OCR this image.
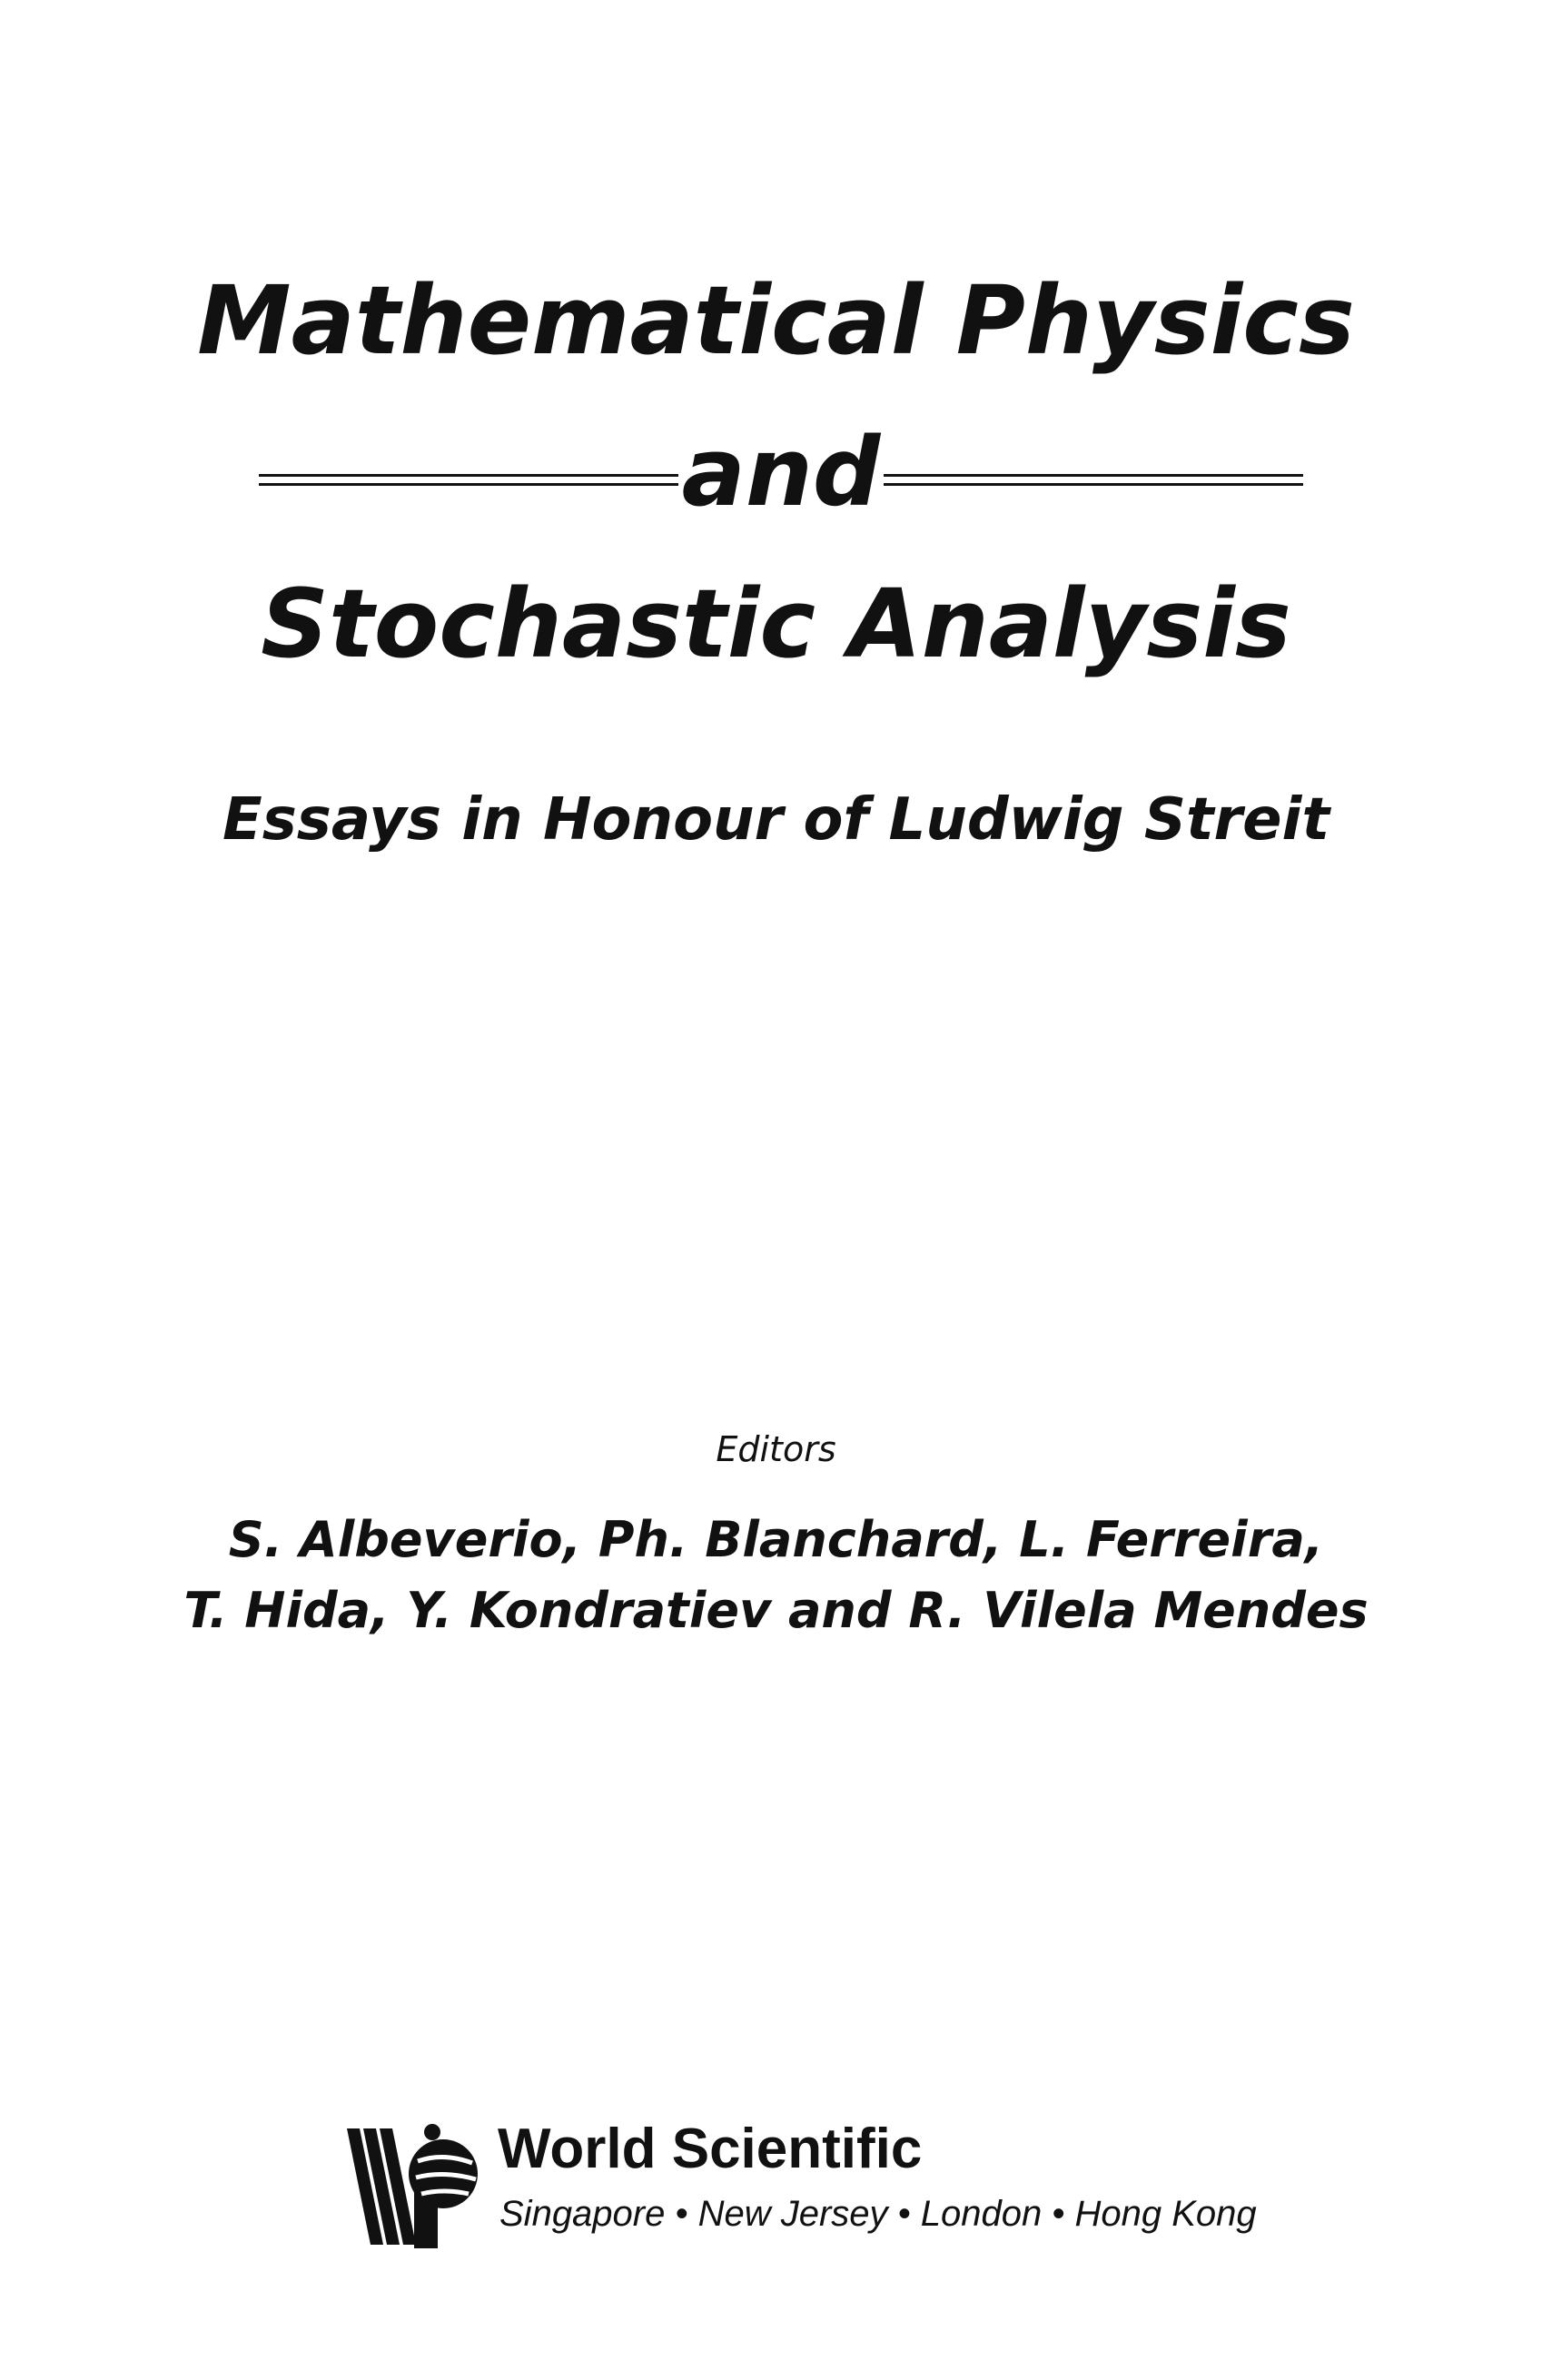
Mathematical Physics
and
Stochastic Analysis
Essays in Honour of Ludwig Streit
Editors
S. Albeverio, Ph. Blanchard, L. Ferreira,
T. Hida, Y. Kondratiev and R. Vilela Mendes
World Scientific
Singapore • New Jersey • London • Hong Kong
